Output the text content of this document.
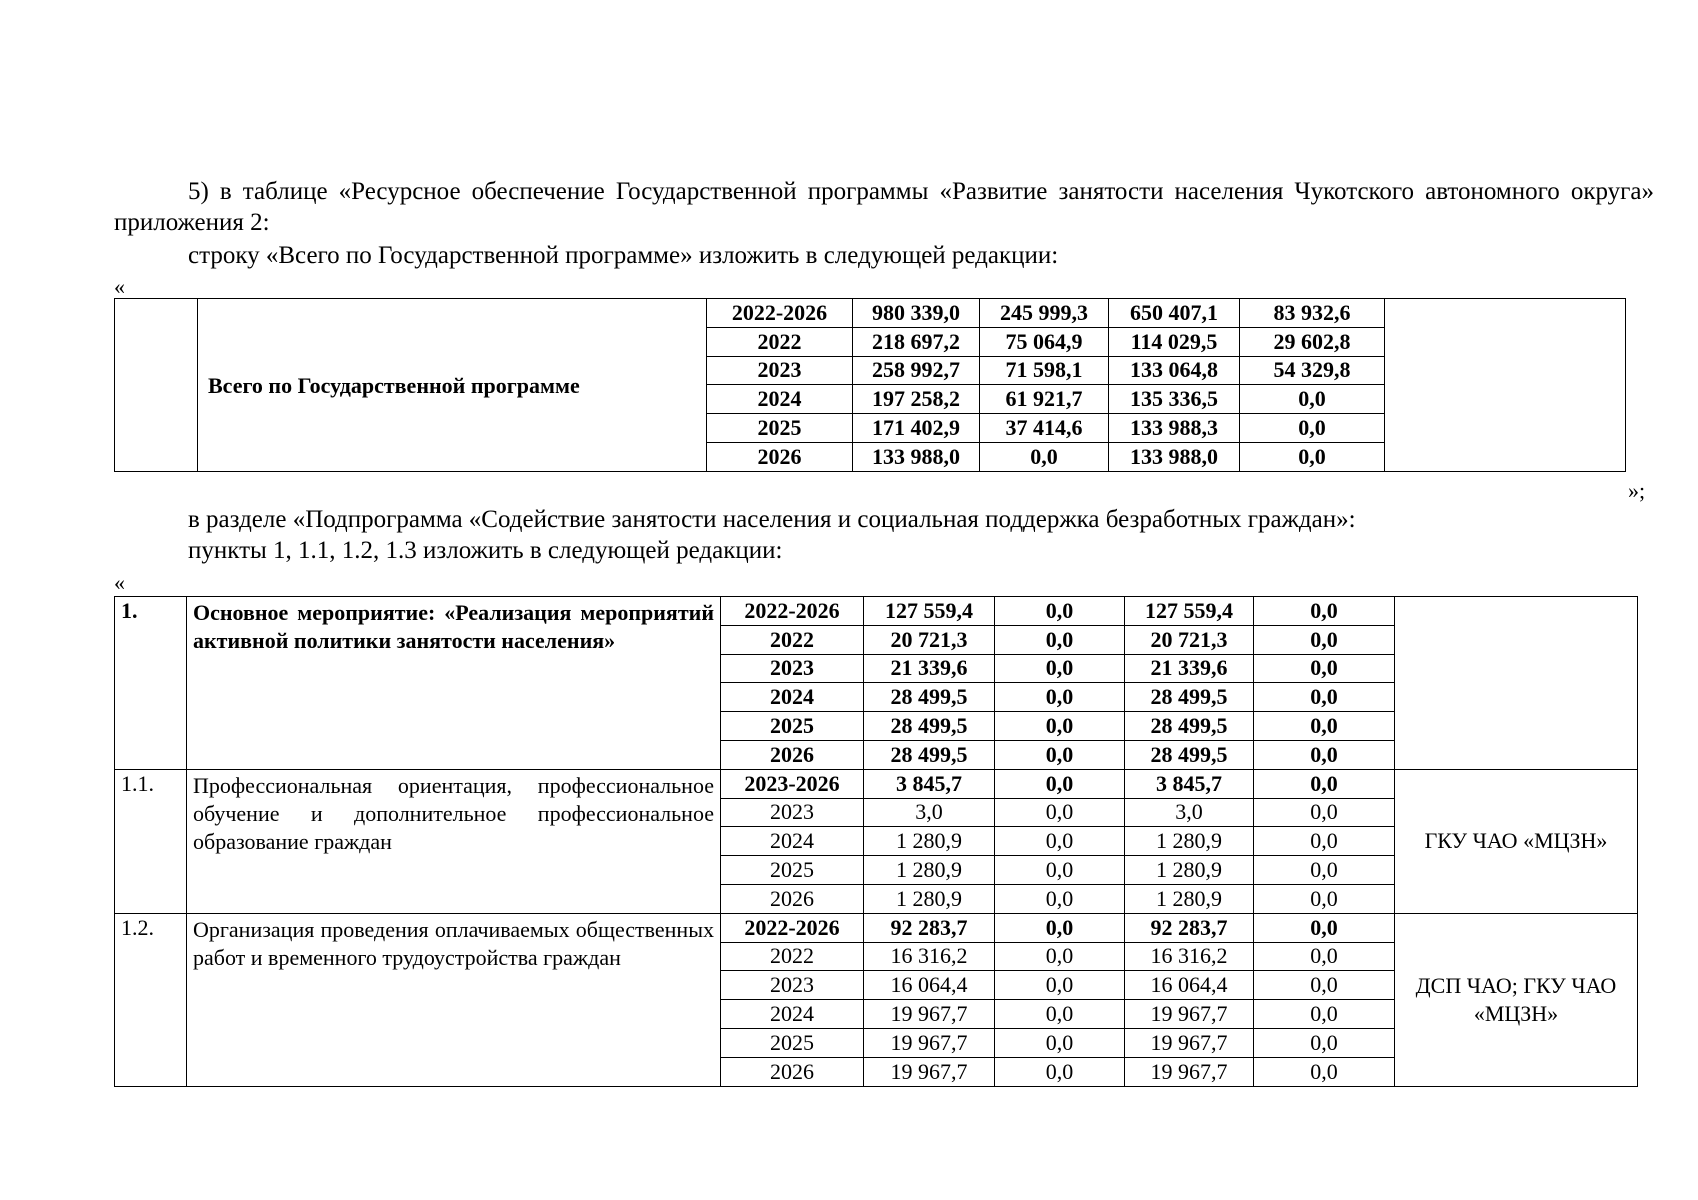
5) в таблице «Ресурсное обеспечение Государственной программы «Развитие занятости населения Чукотского автономного округа» приложения 2:
строку «Всего по Государственной программе» изложить в следующей редакции:
«
	Всего по Государственной программе	2022-2026	980 339,0	245 999,3	650 407,1	83 932,6	
		2022	218 697,2	75 064,9	114 029,5	29 602,8	
		2023	258 992,7	71 598,1	133 064,8	54 329,8	
		2024	197 258,2	61 921,7	135 336,5	0,0	
		2025	171 402,9	37 414,6	133 988,3	0,0	
		2026	133 988,0	0,0	133 988,0	0,0	
»;
в разделе «Подпрограмма «Содействие занятости населения и социальная поддержка безработных граждан»:
пункты 1, 1.1, 1.2, 1.3 изложить в следующей редакции:
«
1.	Основное мероприятие: «Реализация мероприятий активной политики занятости населения»	2022-2026	127 559,4	0,0	127 559,4	0,0	
		2022	20 721,3	0,0	20 721,3	0,0	
		2023	21 339,6	0,0	21 339,6	0,0	
		2024	28 499,5	0,0	28 499,5	0,0	
		2025	28 499,5	0,0	28 499,5	0,0	
		2026	28 499,5	0,0	28 499,5	0,0	
1.1.	Профессиональная ориентация, профессиональное обучение и дополнительное профессиональное образование граждан	2023-2026	3 845,7	0,0	3 845,7	0,0	ГКУ ЧАО «МЦЗН»
		2023	3,0	0,0	3,0	0,0	
		2024	1 280,9	0,0	1 280,9	0,0	
		2025	1 280,9	0,0	1 280,9	0,0	
		2026	1 280,9	0,0	1 280,9	0,0	
1.2.	Организация проведения оплачиваемых общественных работ и временного трудоустройства граждан	2022-2026	92 283,7	0,0	92 283,7	0,0	ДСП ЧАО; ГКУ ЧАО «МЦЗН»
		2022	16 316,2	0,0	16 316,2	0,0	
		2023	16 064,4	0,0	16 064,4	0,0	
		2024	19 967,7	0,0	19 967,7	0,0	
		2025	19 967,7	0,0	19 967,7	0,0	
		2026	19 967,7	0,0	19 967,7	0,0	
